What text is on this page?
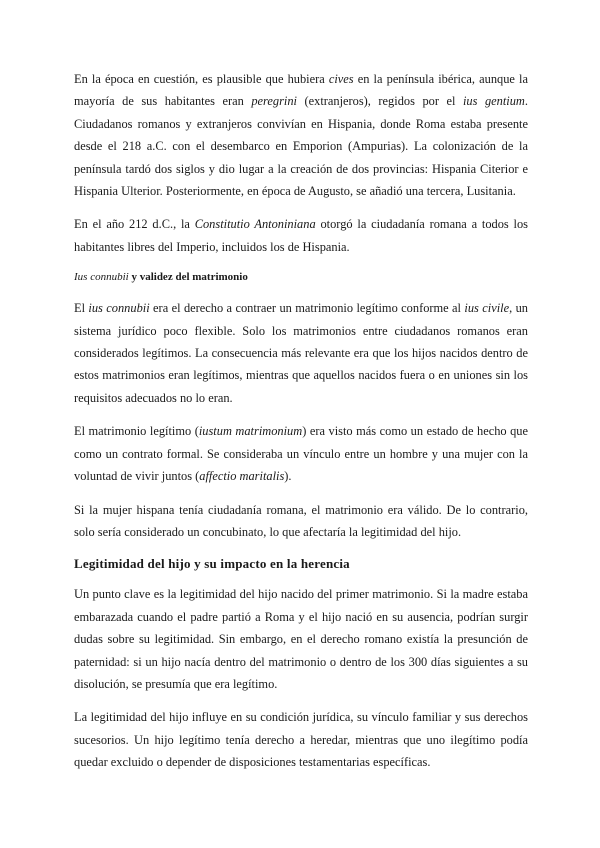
En la época en cuestión, es plausible que hubiera cives en la península ibérica, aunque la mayoría de sus habitantes eran peregrini (extranjeros), regidos por el ius gentium. Ciudadanos romanos y extranjeros convivían en Hispania, donde Roma estaba presente desde el 218 a.C. con el desembarco en Emporion (Ampurias). La colonización de la península tardó dos siglos y dio lugar a la creación de dos provincias: Hispania Citerior e Hispania Ulterior. Posteriormente, en época de Augusto, se añadió una tercera, Lusitania.

En el año 212 d.C., la Constitutio Antoniniana otorgó la ciudadanía romana a todos los habitantes libres del Imperio, incluidos los de Hispania.

Ius connubii y validez del matrimonio

El ius connubii era el derecho a contraer un matrimonio legítimo conforme al ius civile, un sistema jurídico poco flexible. Solo los matrimonios entre ciudadanos romanos eran considerados legítimos. La consecuencia más relevante era que los hijos nacidos dentro de estos matrimonios eran legítimos, mientras que aquellos nacidos fuera o en uniones sin los requisitos adecuados no lo eran.

El matrimonio legítimo (iustum matrimonium) era visto más como un estado de hecho que como un contrato formal. Se consideraba un vínculo entre un hombre y una mujer con la voluntad de vivir juntos (affectio maritalis).

Si la mujer hispana tenía ciudadanía romana, el matrimonio era válido. De lo contrario, solo sería considerado un concubinato, lo que afectaría la legitimidad del hijo.

Legitimidad del hijo y su impacto en la herencia

Un punto clave es la legitimidad del hijo nacido del primer matrimonio. Si la madre estaba embarazada cuando el padre partió a Roma y el hijo nació en su ausencia, podrían surgir dudas sobre su legitimidad. Sin embargo, en el derecho romano existía la presunción de paternidad: si un hijo nacía dentro del matrimonio o dentro de los 300 días siguientes a su disolución, se presumía que era legítimo.

La legitimidad del hijo influye en su condición jurídica, su vínculo familiar y sus derechos sucesorios. Un hijo legítimo tenía derecho a heredar, mientras que uno ilegítimo podía quedar excluido o depender de disposiciones testamentarias específicas.
